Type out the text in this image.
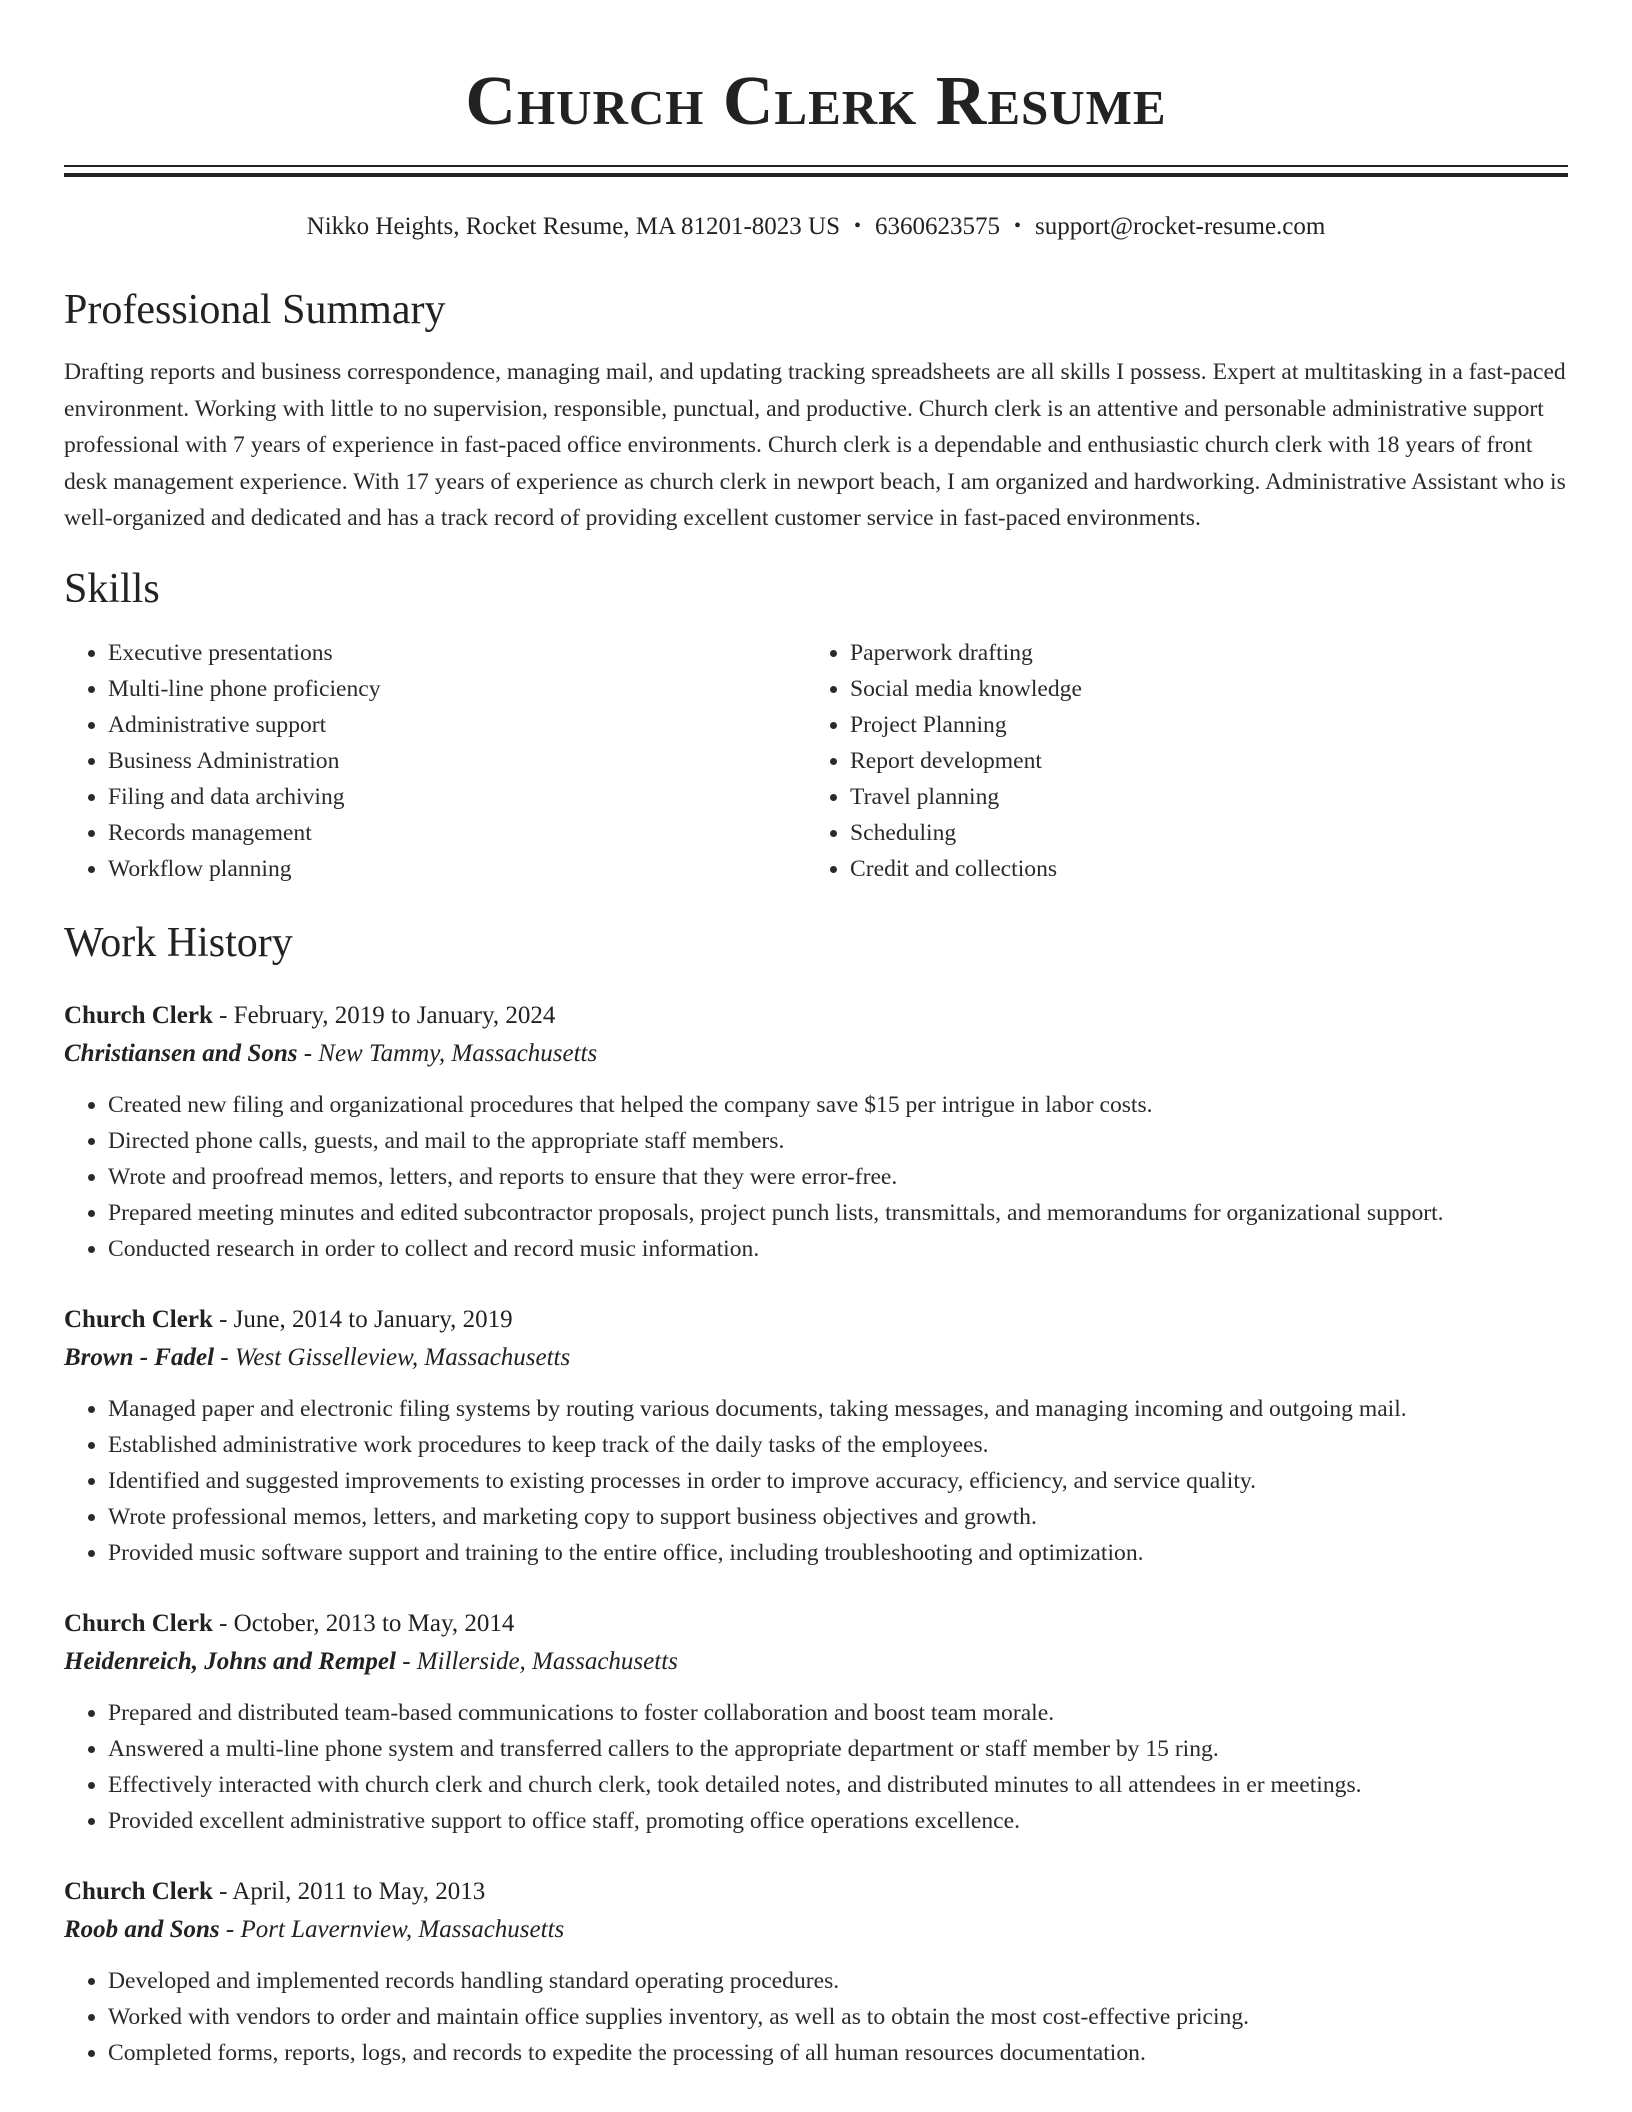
Church Clerk Resume
Nikko Heights, Rocket Resume, MA 81201-8023 US • 6360623575 • support@rocket-resume.com
Professional Summary

Drafting reports and business correspondence, managing mail, and updating tracking spreadsheets are all skills I possess. Expert at multitasking in a fast-paced environment. Working with little to no supervision, responsible, punctual, and productive. Church clerk is an attentive and personable administrative support professional with 7 years of experience in fast-paced office environments. Church clerk is a dependable and enthusiastic church clerk with 18 years of front desk management experience. With 17 years of experience as church clerk in newport beach, I am organized and hardworking. Administrative Assistant who is well-organized and dedicated and has a track record of providing excellent customer service in fast-paced environments.

Skills
• Executive presentations
• Multi-line phone proficiency
• Administrative support
• Business Administration
• Filing and data archiving
• Records management
• Workflow planning
• Paperwork drafting
• Social media knowledge
• Project Planning
• Report development
• Travel planning
• Scheduling
• Credit and collections
Work History
Church Clerk - February, 2019 to January, 2024
Christiansen and Sons - New Tammy, Massachusetts
• Created new filing and organizational procedures that helped the company save $15 per intrigue in labor costs.
• Directed phone calls, guests, and mail to the appropriate staff members.
• Wrote and proofread memos, letters, and reports to ensure that they were error-free.
• Prepared meeting minutes and edited subcontractor proposals, project punch lists, transmittals, and memorandums for organizational support.
• Conducted research in order to collect and record music information.
Church Clerk - June, 2014 to January, 2019
Brown - Fadel - West Gisselleview, Massachusetts
• Managed paper and electronic filing systems by routing various documents, taking messages, and managing incoming and outgoing mail.
• Established administrative work procedures to keep track of the daily tasks of the employees.
• Identified and suggested improvements to existing processes in order to improve accuracy, efficiency, and service quality.
• Wrote professional memos, letters, and marketing copy to support business objectives and growth.
• Provided music software support and training to the entire office, including troubleshooting and optimization.
Church Clerk - October, 2013 to May, 2014
Heidenreich, Johns and Rempel - Millerside, Massachusetts
• Prepared and distributed team-based communications to foster collaboration and boost team morale.
• Answered a multi-line phone system and transferred callers to the appropriate department or staff member by 15 ring.
• Effectively interacted with church clerk and church clerk, took detailed notes, and distributed minutes to all attendees in er meetings.
• Provided excellent administrative support to office staff, promoting office operations excellence.
Church Clerk - April, 2011 to May, 2013
Roob and Sons - Port Lavernview, Massachusetts
• Developed and implemented records handling standard operating procedures.
• Worked with vendors to order and maintain office supplies inventory, as well as to obtain the most cost-effective pricing.
• Completed forms, reports, logs, and records to expedite the processing of all human resources documentation.
